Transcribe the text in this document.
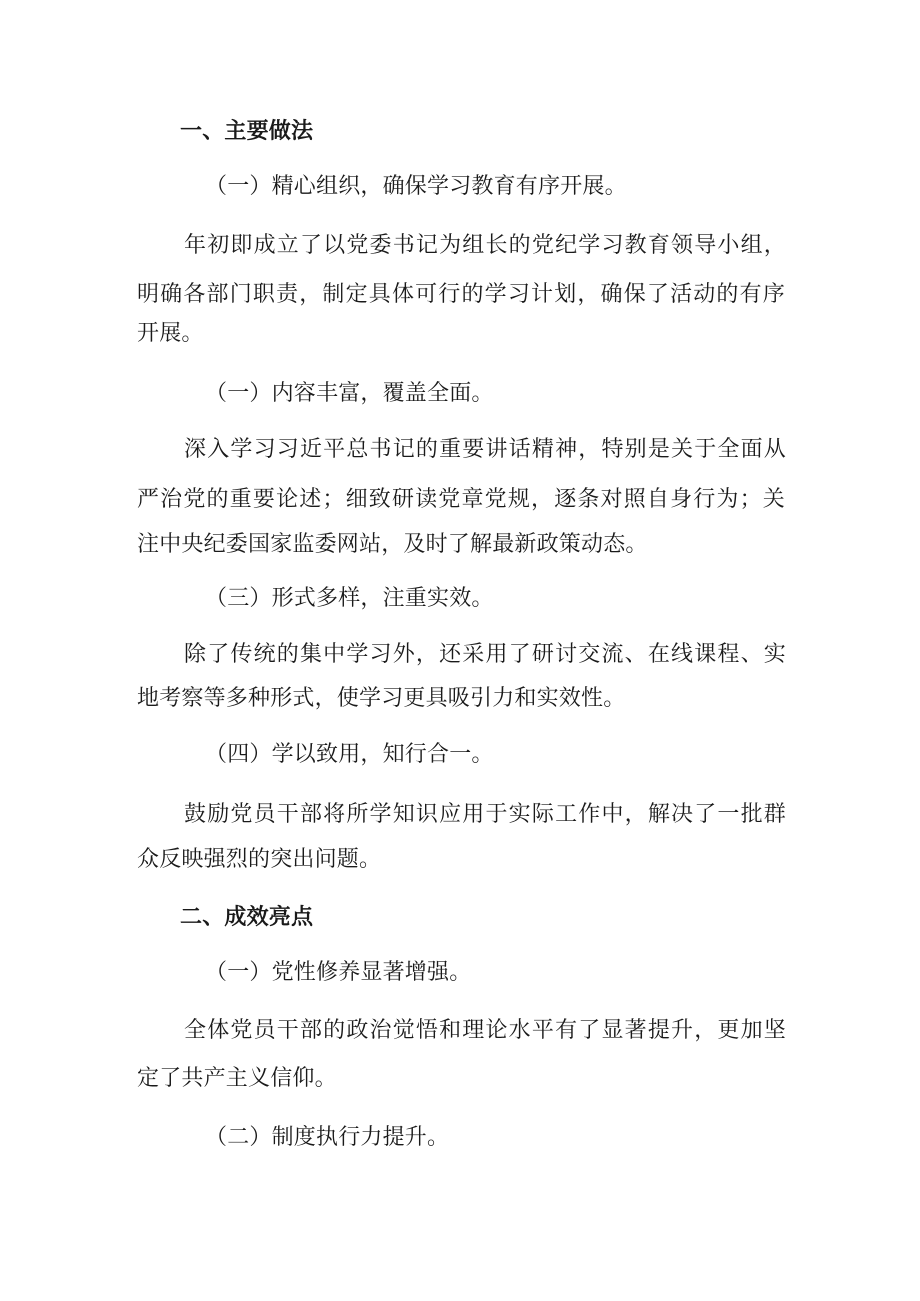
一、主要做法
（一）精心组织，确保学习教育有序开展。
年初即成立了以党委书记为组长的党纪学习教育领导小组，
明确各部门职责，制定具体可行的学习计划，确保了活动的有序
开展。
（一）内容丰富，覆盖全面。
深入学习习近平总书记的重要讲话精神，特别是关于全面从
严治党的重要论述；细致研读党章党规，逐条对照自身行为；关
注中央纪委国家监委网站，及时了解最新政策动态。
（三）形式多样，注重实效。
除了传统的集中学习外，还采用了研讨交流、在线课程、实
地考察等多种形式，使学习更具吸引力和实效性。
（四）学以致用，知行合一。
鼓励党员干部将所学知识应用于实际工作中，解决了一批群
众反映强烈的突出问题。
二、成效亮点
（一）党性修养显著增强。
全体党员干部的政治觉悟和理论水平有了显著提升，更加坚
定了共产主义信仰。
（二）制度执行力提升。
